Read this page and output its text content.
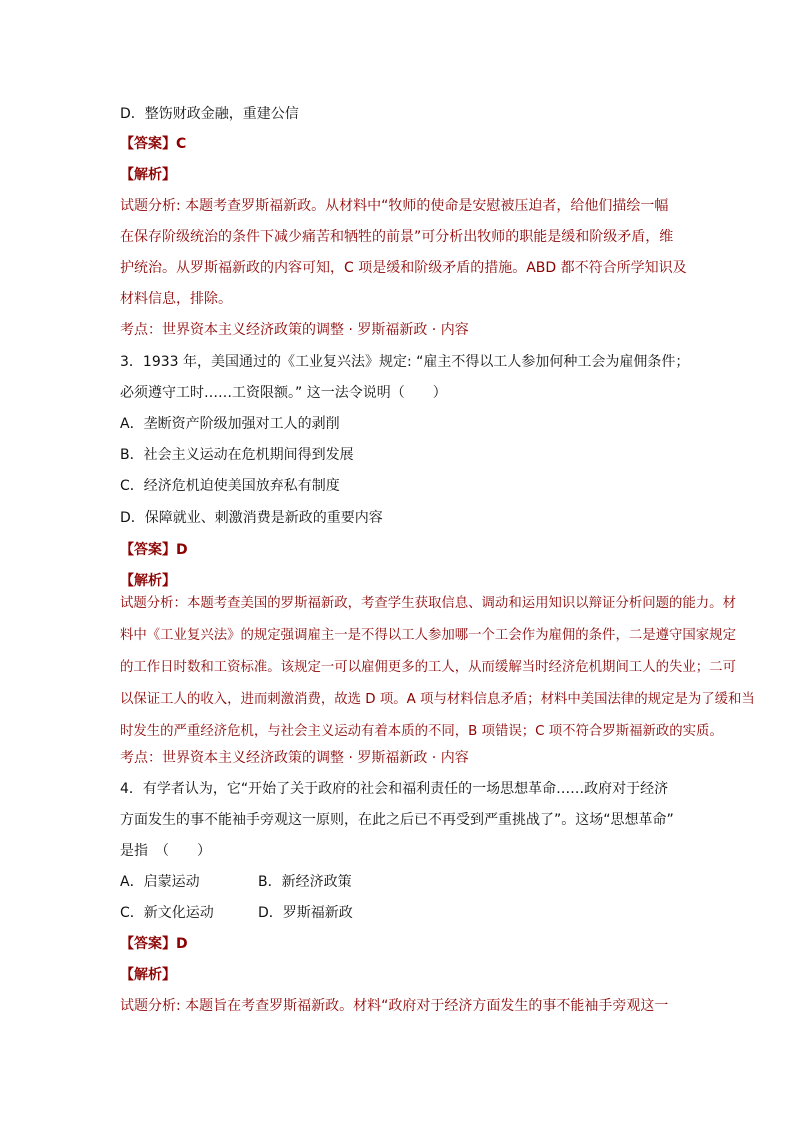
D．整饬财政金融，重建公信
【答案】C
【解析】
试题分析: 本题考查罗斯福新政。从材料中“牧师的使命是安慰被压迫者，给他们描绘一幅
在保存阶级统治的条件下减少痛苦和牺牲的前景”可分析出牧师的职能是缓和阶级矛盾，维
护统治。从罗斯福新政的内容可知，C 项是缓和阶级矛盾的措施。ABD 都不符合所学知识及
材料信息，排除。
考点：世界资本主义经济政策的调整 · 罗斯福新政 · 内容
3．1933 年，美国通过的《工业复兴法》规定: “雇主不得以工人参加何种工会为雇佣条件；
必须遵守工时……工资限额。” 这一法令说明（　　）
A．垄断资产阶级加强对工人的剥削
B．社会主义运动在危机期间得到发展
C．经济危机迫使美国放弃私有制度
D．保障就业、刺激消费是新政的重要内容
【答案】D
【解析】
试题分析：本题考查美国的罗斯福新政，考查学生获取信息、调动和运用知识以辩证分析问题的能力。材
料中《工业复兴法》的规定强调雇主一是不得以工人参加哪一个工会作为雇佣的条件，二是遵守国家规定
的工作日时数和工资标准。该规定一可以雇佣更多的工人，从而缓解当时经济危机期间工人的失业；二可
以保证工人的收入，进而刺激消费，故选 D 项。A 项与材料信息矛盾；材料中美国法律的规定是为了缓和当
时发生的严重经济危机，与社会主义运动有着本质的不同，B 项错误；C 项不符合罗斯福新政的实质。
考点：世界资本主义经济政策的调整 · 罗斯福新政 · 内容
4．有学者认为，它“开始了关于政府的社会和福利责任的一场思想革命……政府对于经济
方面发生的事不能袖手旁观这一原则，在此之后已不再受到严重挑战了”。这场“思想革命”
是指　（　　）
A．启蒙运动	B．新经济政策
C．新文化运动	D．罗斯福新政
【答案】D
【解析】
试题分析: 本题旨在考查罗斯福新政。材料“政府对于经济方面发生的事不能袖手旁观这一
